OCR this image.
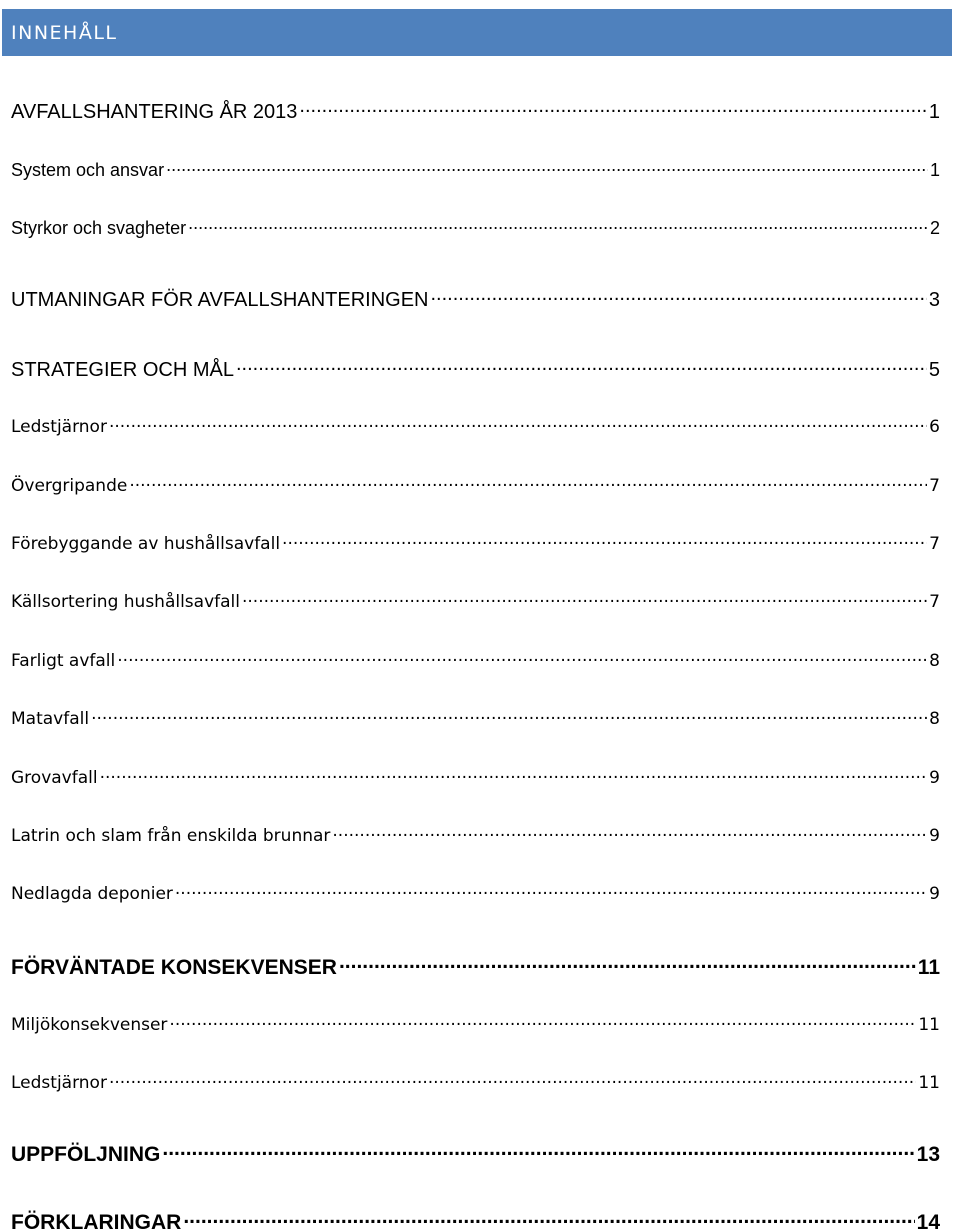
INNEHÅLL
AVFALLSHANTERING ÅR 2013 .....	1
System och ansvar .....	1
Styrkor och svagheter .....	2
UTMANINGAR FÖR AVFALLSHANTERINGEN .....	3
STRATEGIER OCH MÅL .....	5
Ledstjärnor .....	6
Övergripande .....	7
Förebyggande av hushållsavfall .....	7
Källsortering hushållsavfall .....	7
Farligt avfall .....	8
Matavfall .....	8
Grovavfall .....	9
Latrin och slam från enskilda brunnar .....	9
Nedlagda deponier .....	9
FÖRVÄNTADE KONSEKVENSER .....	11
Miljökonsekvenser .....	11
Ledstjärnor .....	11
UPPFÖLJNING .....	13
FÖRKLARINGAR .....	14
